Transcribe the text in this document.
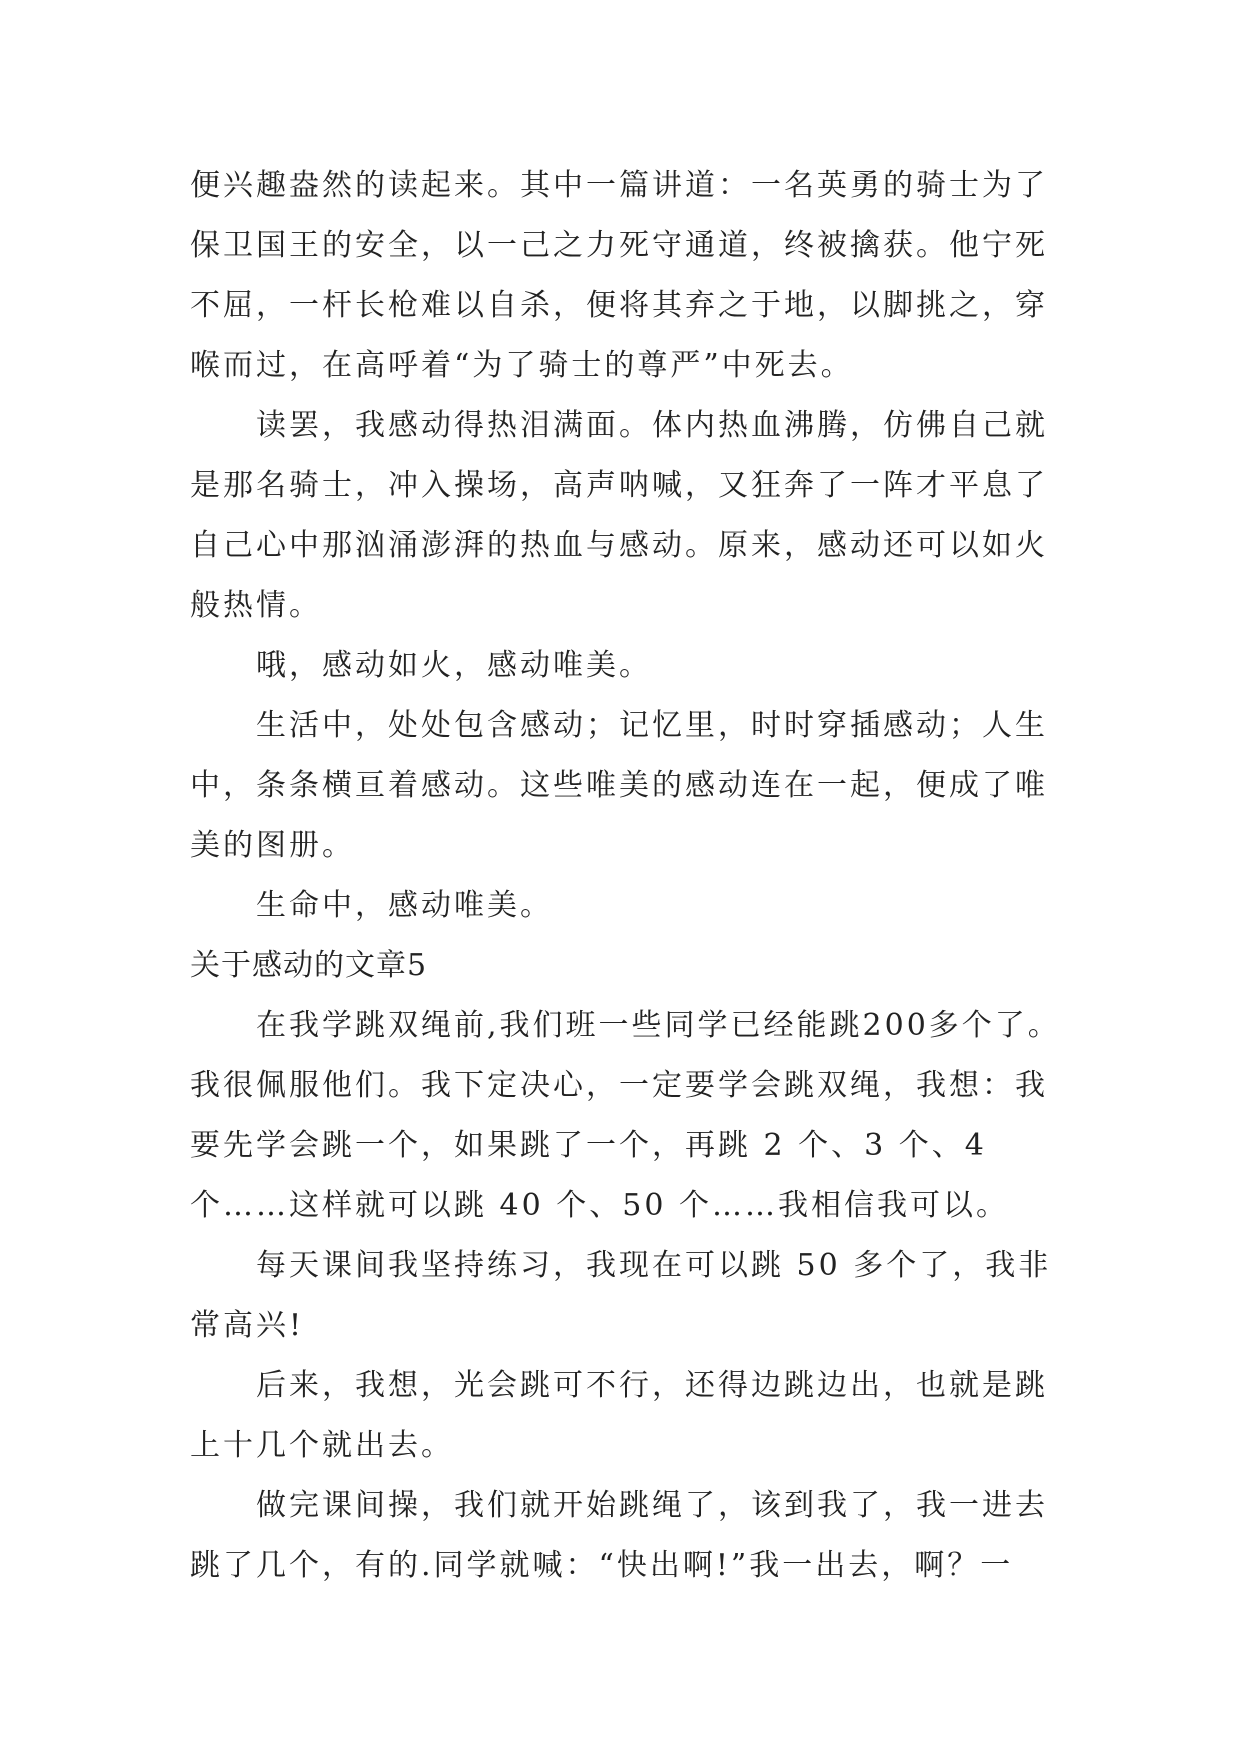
便兴趣盎然的读起来。其中一篇讲道：一名英勇的骑士为了
保卫国王的安全，以一己之力死守通道，终被擒获。他宁死
不屈，一杆长枪难以自杀，便将其弃之于地，以脚挑之，穿
喉而过，在高呼着“为了骑士的尊严”中死去。
读罢，我感动得热泪满面。体内热血沸腾，仿佛自己就
是那名骑士，冲入操场，高声呐喊，又狂奔了一阵才平息了
自己心中那汹涌澎湃的热血与感动。原来，感动还可以如火
般热情。
哦，感动如火，感动唯美。
生活中，处处包含感动；记忆里，时时穿插感动；人生
中，条条横亘着感动。这些唯美的感动连在一起，便成了唯
美的图册。
生命中，感动唯美。
关于感动的文章5
在我学跳双绳前,我们班一些同学已经能跳200多个了。
我很佩服他们。我下定决心，一定要学会跳双绳，我想：我
要先学会跳一个，如果跳了一个，再跳 2 个、3 个、4
个……这样就可以跳 40 个、50 个……我相信我可以。
每天课间我坚持练习，我现在可以跳 50 多个了，我非
常高兴!
后来，我想，光会跳可不行，还得边跳边出，也就是跳
上十几个就出去。
做完课间操，我们就开始跳绳了，该到我了，我一进去
跳了几个，有的.同学就喊：“快出啊!”我一出去，啊？一
